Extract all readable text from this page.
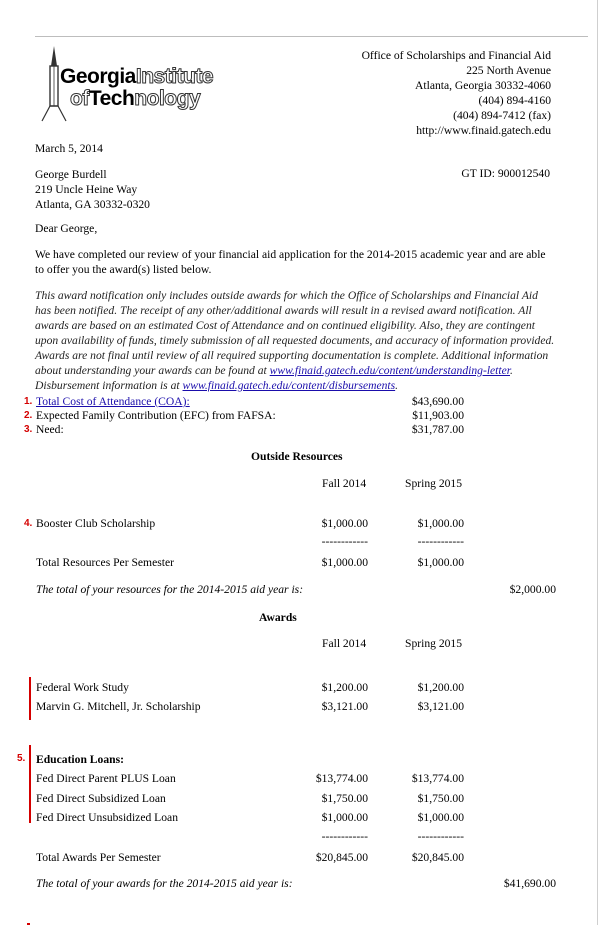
GeorgiaInstitute
ofTechnology
Office of Scholarships and Financial Aid
225 North Avenue
Atlanta, Georgia 30332-4060
(404) 894-4160
(404) 894-7412 (fax)
http://www.finaid.gatech.edu
March 5, 2014
George Burdell
219 Uncle Heine Way
Atlanta, GA 30332-0320
GT ID: 900012540
Dear George,
We have completed our review of your financial aid application for the 2014-2015 academic year and are able to offer you the award(s) listed below.
This award notification only includes outside awards for which the Office of Scholarships and Financial Aid has been notified. The receipt of any other/additional awards will result in a revised award notification. All awards are based on an estimated Cost of Attendance and on continued eligibility. Also, they are contingent upon availability of funds, timely submission of all requested documents, and accuracy of information provided. Awards are not final until review of all required supporting documentation is complete. Additional information about understanding your awards can be found at www.finaid.gatech.edu/content/understanding-letter. Disbursement information is at www.finaid.gatech.edu/content/disbursements.
1. Total Cost of Attendance (COA):	$43,690.00
2. Expected Family Contribution (EFC) from FAFSA:	$11,903.00
3. Need:	$31,787.00
Outside Resources
Fall 2014	Spring 2015
4. Booster Club Scholarship	$1,000.00	$1,000.00
------------	------------
Total Resources Per Semester	$1,000.00	$1,000.00
The total of your resources for the 2014-2015 aid year is:	$2,000.00
Awards
Fall 2014	Spring 2015
Federal Work Study	$1,200.00	$1,200.00
Marvin G. Mitchell, Jr. Scholarship	$3,121.00	$3,121.00
5. Education Loans:
Fed Direct Parent PLUS Loan	$13,774.00	$13,774.00
Fed Direct Subsidized Loan	$1,750.00	$1,750.00
Fed Direct Unsubsidized Loan	$1,000.00	$1,000.00
------------	------------
Total Awards Per Semester	$20,845.00	$20,845.00
The total of your awards for the 2014-2015 aid year is:	$41,690.00
